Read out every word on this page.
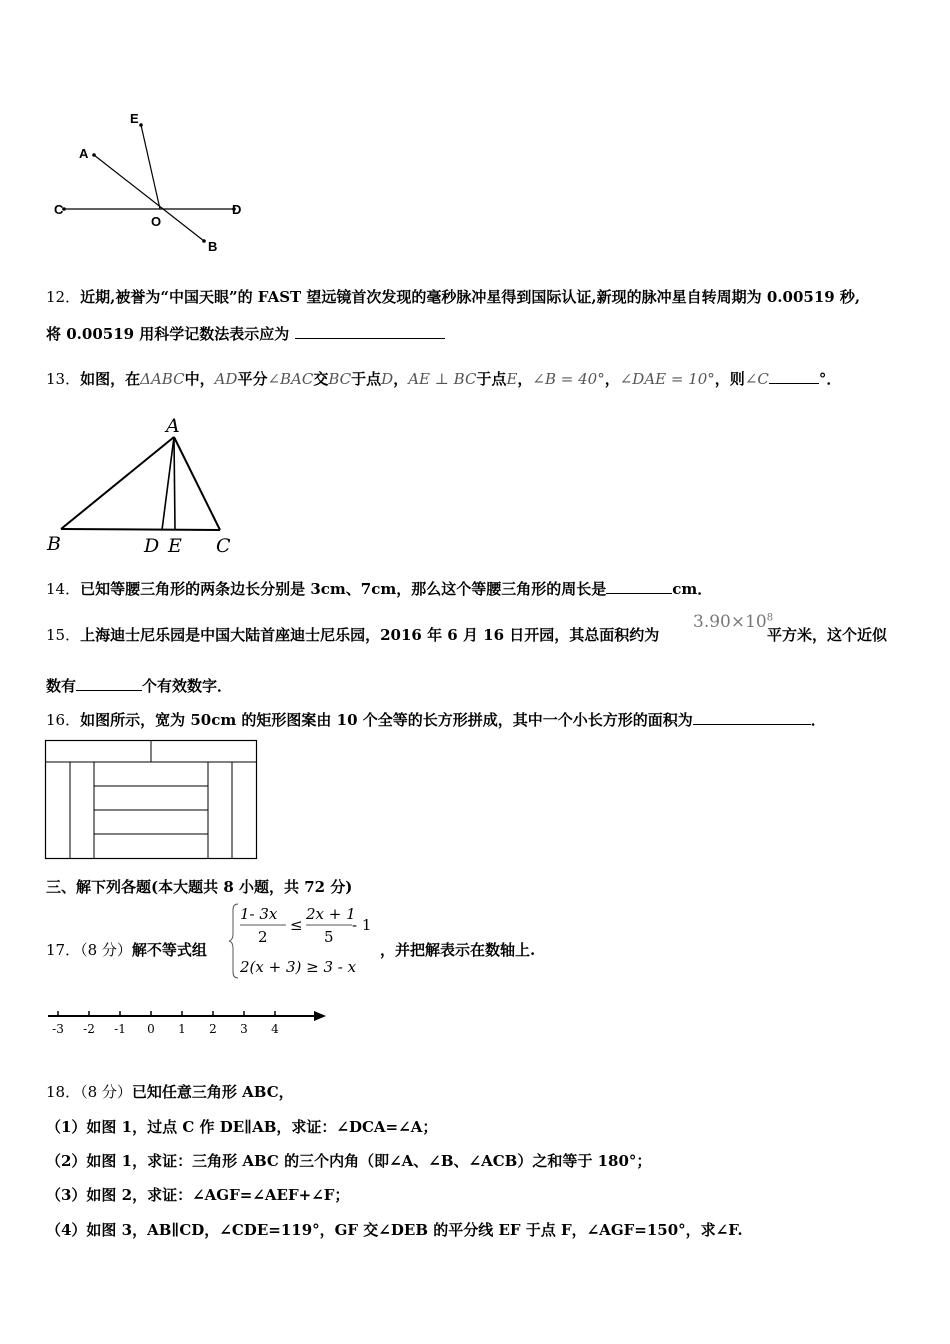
E
A
C
O
D
B
12．近期,被誉为“中国天眼”的 FAST 望远镜首次发现的毫秒脉冲星得到国际认证,新现的脉冲星自转周期为 0.00519 秒,
将 0.00519 用科学记数法表示应为
13．如图，在ΔABC中，AD平分∠BAC交BC于点D，AE ⊥ BC于点E，∠B = 40°，∠DAE = 10°，则∠C	°．
A
B	D E C
14．已知等腰三角形的两条边长分别是 3cm、7cm，那么这个等腰三角形的周长是	cm．
15．上海迪士尼乐园是中国大陆首座迪士尼乐园，2016 年 6 月 16 日开园，其总面积约为
$3.90\times 10^8$
平方米，这个近似
数有	个有效数字．
16．如图所示，宽为 50cm 的矩形图案由 10 个全等的长方形拼成，其中一个小长方形的面积为	．
三、解下列各题(本大题共 8 小题，共 72 分)
17．（8 分）解不等式组
1- 3x
2
≤
2x + 1
5
- 1
2(x + 3) ≥ 3 - x
，并把解表示在数轴上.
-3 -2 -1 0 1 2 3 4
18．（8 分）已知任意三角形 ABC，
（1）如图 1，过点 C 作 DE∥AB，求证：∠DCA=∠A；
（2）如图 1，求证：三角形 ABC 的三个内角（即∠A、∠B、∠ACB）之和等于 180°；
（3）如图 2，求证：∠AGF=∠AEF+∠F；
（4）如图 3，AB∥CD，∠CDE=119°，GF 交∠DEB 的平分线 EF 于点 F，∠AGF=150°，求∠F.
